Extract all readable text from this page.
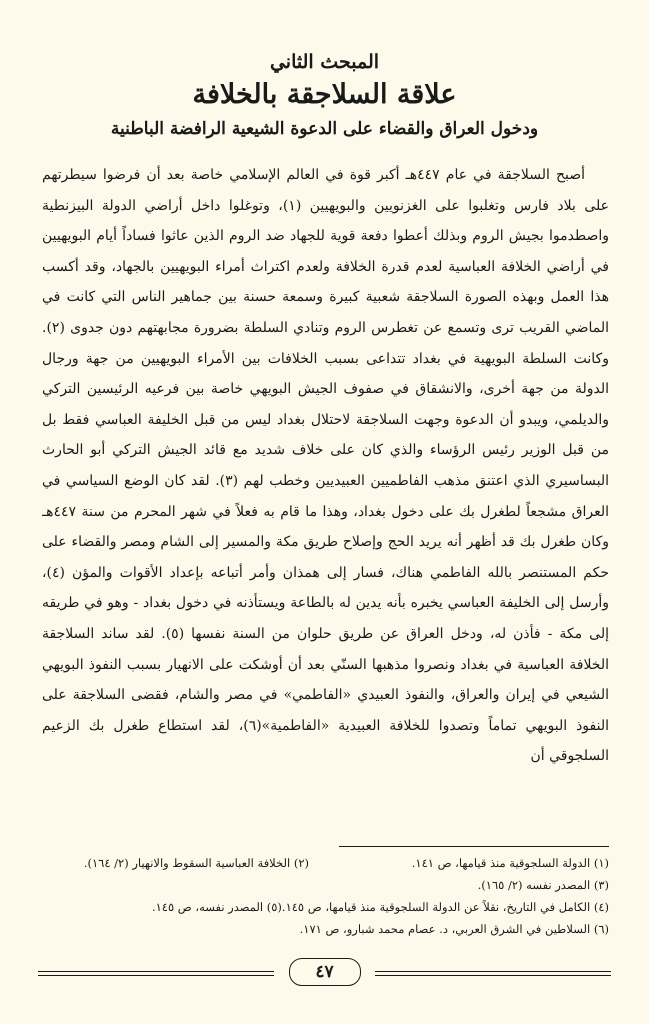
المبحث الثاني
علاقة السلاجقة بالخلافة
ودخول العراق والقضاء على الدعوة الشيعية الرافضة الباطنية

أصبح السلاجقة في عام ٤٤٧هـ أكبر قوة في العالم الإسلامي خاصة بعد أن فرضوا سيطرتهم على بلاد فارس وتغلبوا على الغزنويين والبويهيين (١)، وتوغلوا داخل أراضي الدولة البيزنطية واصطدموا بجيش الروم وبذلك أعطوا دفعة قوية للجهاد ضد الروم الذين عاثوا فساداً أيام البويهيين في أراضي الخلافة العباسية لعدم قدرة الخلافة ولعدم اكتراث أمراء البويهيين بالجهاد، وقد أكسب هذا العمل وبهذه الصورة السلاجقة شعبية كبيرة وسمعة حسنة بين جماهير الناس التي كانت في الماضي القريب ترى وتسمع عن تغطرس الروم وتنادي السلطة بضرورة مجابهتهم دون جدوى (٢). وكانت السلطة البويهية في بغداد تتداعى بسبب الخلافات بين الأمراء البويهيين من جهة ورجال الدولة من جهة أخرى، والانشقاق في صفوف الجيش البويهي خاصة بين فرعيه الرئيسين التركي والديلمي، ويبدو أن الدعوة وجهت السلاجقة لاحتلال بغداد ليس من قبل الخليفة العباسي فقط بل من قبل الوزير رئيس الرؤساء والذي كان على خلاف شديد مع قائد الجيش التركي أبو الحارث البساسيري الذي اعتنق مذهب الفاطميين العبيديين وخطب لهم (٣). لقد كان الوضع السياسي في العراق مشجعاً لطغرل بك على دخول بغداد، وهذا ما قام به فعلاً في شهر المحرم من سنة ٤٤٧هـ وكان طغرل بك قد أظهر أنه يريد الحج وإصلاح طريق مكة والمسير إلى الشام ومصر والقضاء على حكم المستنصر بالله الفاطمي هناك، فسار إلى همذان وأمر أتباعه بإعداد الأقوات والمؤن (٤)، وأرسل إلى الخليفة العباسي يخبره بأنه يدين له بالطاعة ويستأذنه في دخول بغداد - وهو في طريقه إلى مكة - فأذن له، ودخل العراق عن طريق حلوان من السنة نفسها (٥). لقد ساند السلاجقة الخلافة العباسية في بغداد ونصروا مذهبها السنّي بعد أن أوشكت على الانهيار بسبب النفوذ البويهي الشيعي في إيران والعراق، والنفوذ العبيدي «الفاطمي» في مصر والشام، فقضى السلاجقة على النفوذ البويهي تماماً وتصدوا للخلافة العبيدية «الفاطمية»(٦)، لقد استطاع طغرل بك الزعيم السلجوقي أن

(١) الدولة السلجوقية منذ قيامها، ص ١٤١.
(٢) الخلافة العباسية السقوط والانهيار (٢/ ١٦٤).
(٣) المصدر نفسه (٢/ ١٦٥).
(٤) الكامل في التاريخ، نقلاً عن الدولة السلجوقية منذ قيامها، ص ١٤٥.
(٥) المصدر نفسه، ص ١٤٥.
(٦) السلاطين في الشرق العربي، د. عصام محمد شبارو، ص ١٧١.
٤٧
